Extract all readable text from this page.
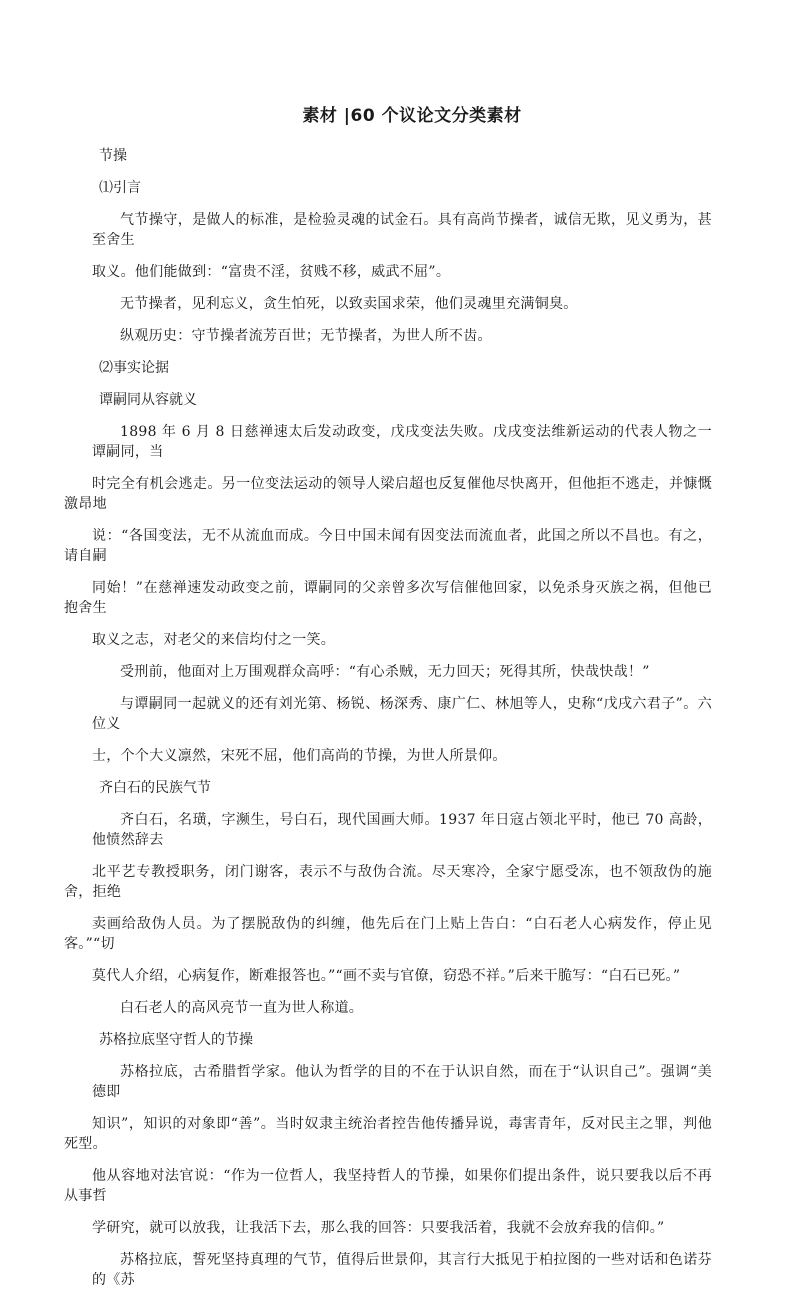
素材 |60 个议论文分类素材
节操
⑴引言
气节操守，是做人的标准，是检验灵魂的试金石。具有高尚节操者，诚信无欺，见义勇为，甚至舍生
取义。他们能做到：“富贵不淫，贫贱不移，威武不屈”。
无节操者，见利忘义，贪生怕死，以致卖国求荣，他们灵魂里充满铜臭。
纵观历史：守节操者流芳百世；无节操者，为世人所不齿。
⑵事实论据
谭嗣同从容就义
1898 年 6 月 8 日慈禅速太后发动政变，戊戌变法失败。戊戌变法维新运动的代表人物之一谭嗣同，当
时完全有机会逃走。另一位变法运动的领导人梁启超也反复催他尽快离开，但他拒不逃走，并慷慨激昂地
说：“各国变法，无不从流血而成。今日中国未闻有因变法而流血者，此国之所以不昌也。有之，请自嗣
同始！”在慈禅速发动政变之前，谭嗣同的父亲曾多次写信催他回家，以免杀身灭族之祸，但他已抱舍生
取义之志，对老父的来信均付之一笑。
受刑前，他面对上万围观群众高呼：“有心杀贼，无力回天；死得其所，快哉快哉！”
与谭嗣同一起就义的还有刘光第、杨锐、杨深秀、康广仁、林旭等人，史称“戊戌六君子”。六位义
士，个个大义凛然，宋死不屈，他们高尚的节操，为世人所景仰。
齐白石的民族气节
齐白石，名璜，字濒生，号白石，现代国画大师。1937 年日寇占领北平时，他已 70 高龄，他愤然辞去
北平艺专教授职务，闭门谢客，表示不与敌伪合流。尽天寒冷，全家宁愿受冻，也不领敌伪的施舍，拒绝
卖画给敌伪人员。为了摆脱敌伪的纠缠，他先后在门上贴上告白：“白石老人心病发作，停止见客。”“切
莫代人介绍，心病复作，断难报答也。”“画不卖与官僚，窃恐不祥。”后来干脆写：“白石已死。”
白石老人的高风亮节一直为世人称道。
苏格拉底坚守哲人的节操
苏格拉底，古希腊哲学家。他认为哲学的目的不在于认识自然，而在于“认识自己”。强调“美德即
知识”，知识的对象即“善”。当时奴隶主统治者控告他传播异说，毒害青年，反对民主之罪，判他死型。
他从容地对法官说：“作为一位哲人，我坚持哲人的节操，如果你们提出条件，说只要我以后不再从事哲
学研究，就可以放我，让我活下去，那么我的回答：只要我活着，我就不会放弃我的信仰。”
苏格拉底，誓死坚持真理的气节，值得后世景仰，其言行大抵见于柏拉图的一些对话和色诺芬的《苏
